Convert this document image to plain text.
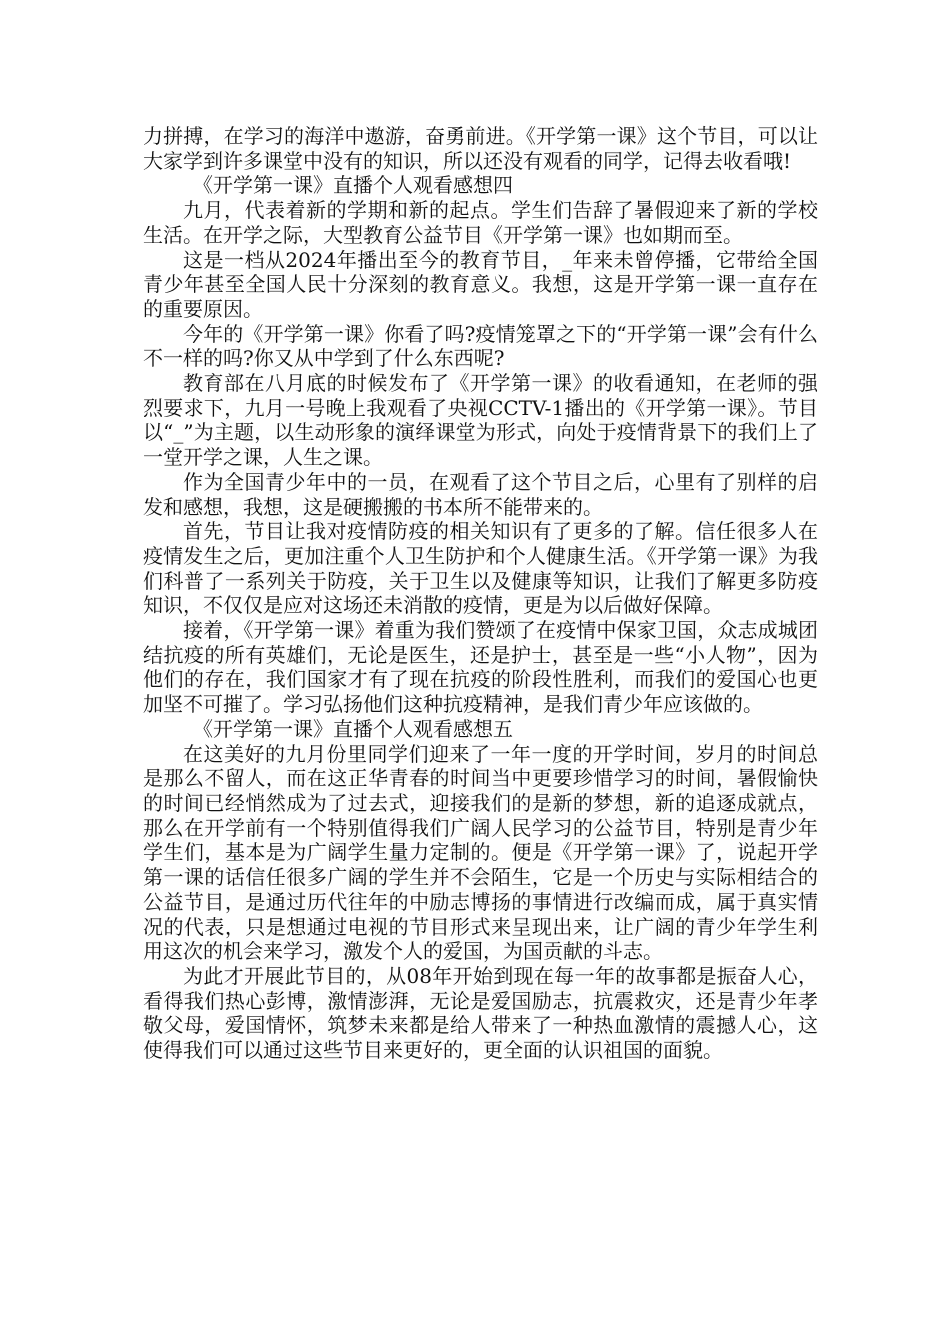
力拼搏，在学习的海洋中遨游，奋勇前进。《开学第一课》这个节目，可以让大家学到许多课堂中没有的知识，所以还没有观看的同学，记得去收看哦!

《开学第一课》直播个人观看感想四

九月，代表着新的学期和新的起点。学生们告辞了暑假迎来了新的学校生活。在开学之际，大型教育公益节目《开学第一课》也如期而至。

这是一档从2024年播出至今的教育节目，_年来未曾停播，它带给全国青少年甚至全国人民十分深刻的教育意义。我想，这是开学第一课一直存在的重要原因。

今年的《开学第一课》你看了吗?疫情笼罩之下的“开学第一课”会有什么不一样的吗?你又从中学到了什么东西呢?

教育部在八月底的时候发布了《开学第一课》的收看通知，在老师的强烈要求下，九月一号晚上我观看了央视CCTV-1播出的《开学第一课》。节目以“_”为主题，以生动形象的演绎课堂为形式，向处于疫情背景下的我们上了一堂开学之课，人生之课。

作为全国青少年中的一员，在观看了这个节目之后，心里有了别样的启发和感想，我想，这是硬搬搬的书本所不能带来的。

首先，节目让我对疫情防疫的相关知识有了更多的了解。信任很多人在疫情发生之后，更加注重个人卫生防护和个人健康生活。《开学第一课》为我们科普了一系列关于防疫，关于卫生以及健康等知识，让我们了解更多防疫知识，不仅仅是应对这场还未消散的疫情，更是为以后做好保障。

接着，《开学第一课》着重为我们赞颂了在疫情中保家卫国，众志成城团结抗疫的所有英雄们，无论是医生，还是护士，甚至是一些“小人物”，因为他们的存在，我们国家才有了现在抗疫的阶段性胜利，而我们的爱国心也更加坚不可摧了。学习弘扬他们这种抗疫精神，是我们青少年应该做的。

《开学第一课》直播个人观看感想五

在这美好的九月份里同学们迎来了一年一度的开学时间，岁月的时间总是那么不留人，而在这正华青春的时间当中更要珍惜学习的时间，暑假愉快的时间已经悄然成为了过去式，迎接我们的是新的梦想，新的追逐成就点，那么在开学前有一个特别值得我们广阔人民学习的公益节目，特别是青少年学生们，基本是为广阔学生量力定制的。便是《开学第一课》了，说起开学第一课的话信任很多广阔的学生并不会陌生，它是一个历史与实际相结合的公益节目，是通过历代往年的中励志博扬的事情进行改编而成，属于真实情况的代表，只是想通过电视的节目形式来呈现出来，让广阔的青少年学生利用这次的机会来学习，激发个人的爱国，为国贡献的斗志。

为此才开展此节目的，从08年开始到现在每一年的故事都是振奋人心，看得我们热心彭博，激情澎湃，无论是爱国励志，抗震救灾，还是青少年孝敬父母，爱国情怀，筑梦未来都是给人带来了一种热血激情的震撼人心，这使得我们可以通过这些节目来更好的，更全面的认识祖国的面貌。
